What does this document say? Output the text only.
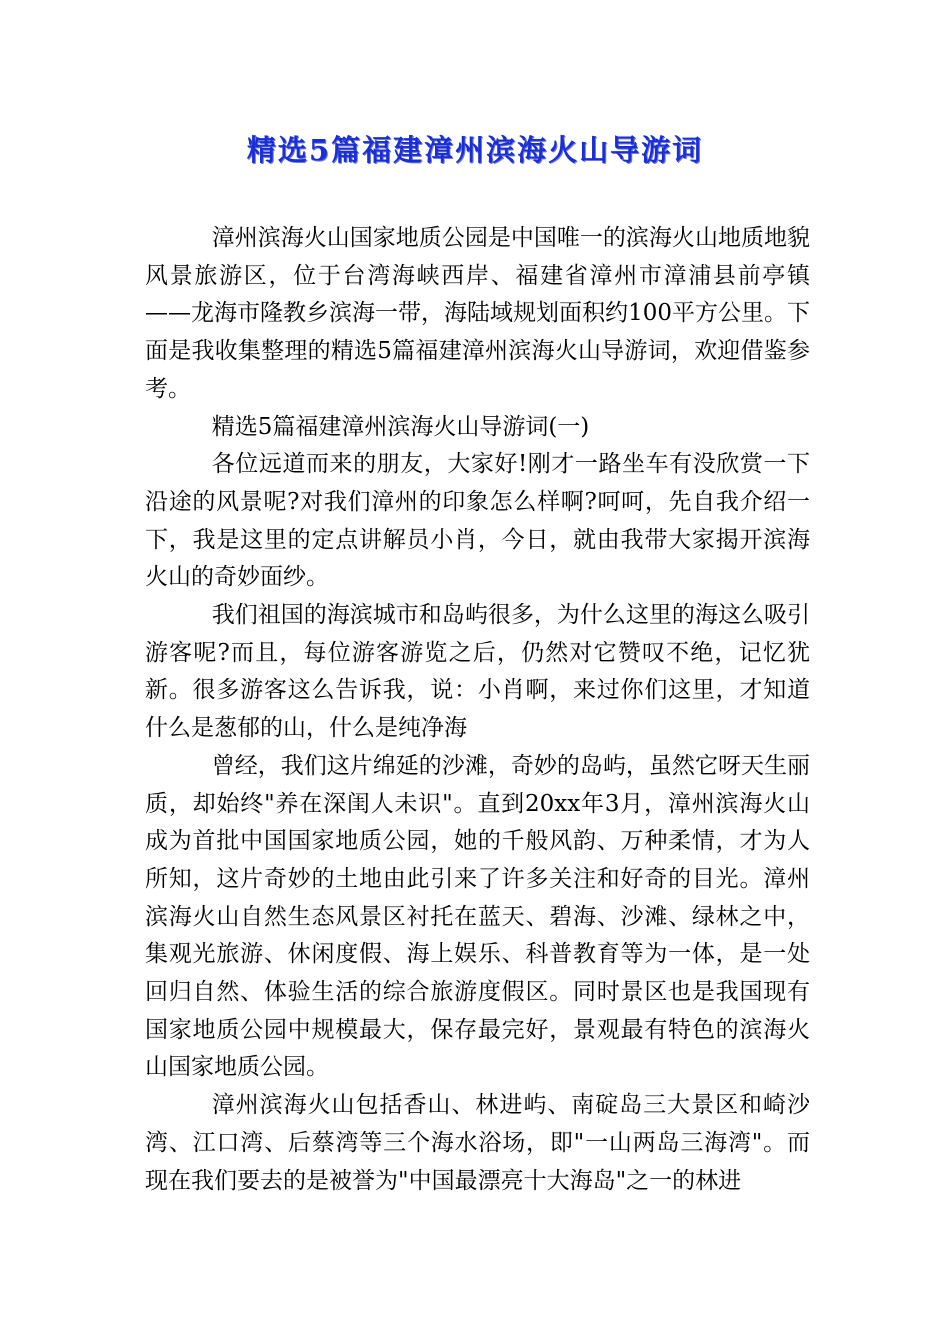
精选5篇福建漳州滨海火山导游词

漳州滨海火山国家地质公园是中国唯一的滨海火山地质地貌风景旅游区，位于台湾海峡西岸、福建省漳州市漳浦县前亭镇——龙海市隆教乡滨海一带，海陆域规划面积约100平方公里。下面是我收集整理的精选5篇福建漳州滨海火山导游词，欢迎借鉴参考。

精选5篇福建漳州滨海火山导游词(一)

各位远道而来的朋友，大家好!刚才一路坐车有没欣赏一下沿途的风景呢?对我们漳州的印象怎么样啊?呵呵，先自我介绍一下，我是这里的定点讲解员小肖，今日，就由我带大家揭开滨海火山的奇妙面纱。

我们祖国的海滨城市和岛屿很多，为什么这里的海这么吸引游客呢?而且，每位游客游览之后，仍然对它赞叹不绝，记忆犹新。很多游客这么告诉我，说：小肖啊，来过你们这里，才知道什么是葱郁的山，什么是纯净海

曾经，我们这片绵延的沙滩，奇妙的岛屿，虽然它呀天生丽质，却始终"养在深闺人未识"。直到20xx年3月，漳州滨海火山成为首批中国国家地质公园，她的千般风韵、万种柔情，才为人所知，这片奇妙的土地由此引来了许多关注和好奇的目光。漳州滨海火山自然生态风景区衬托在蓝天、碧海、沙滩、绿林之中，集观光旅游、休闲度假、海上娱乐、科普教育等为一体，是一处回归自然、体验生活的综合旅游度假区。同时景区也是我国现有国家地质公园中规模最大，保存最完好，景观最有特色的滨海火山国家地质公园。

漳州滨海火山包括香山、林进屿、南碇岛三大景区和崎沙湾、江口湾、后蔡湾等三个海水浴场，即"一山两岛三海湾"。而现在我们要去的是被誉为"中国最漂亮十大海岛"之一的林进
